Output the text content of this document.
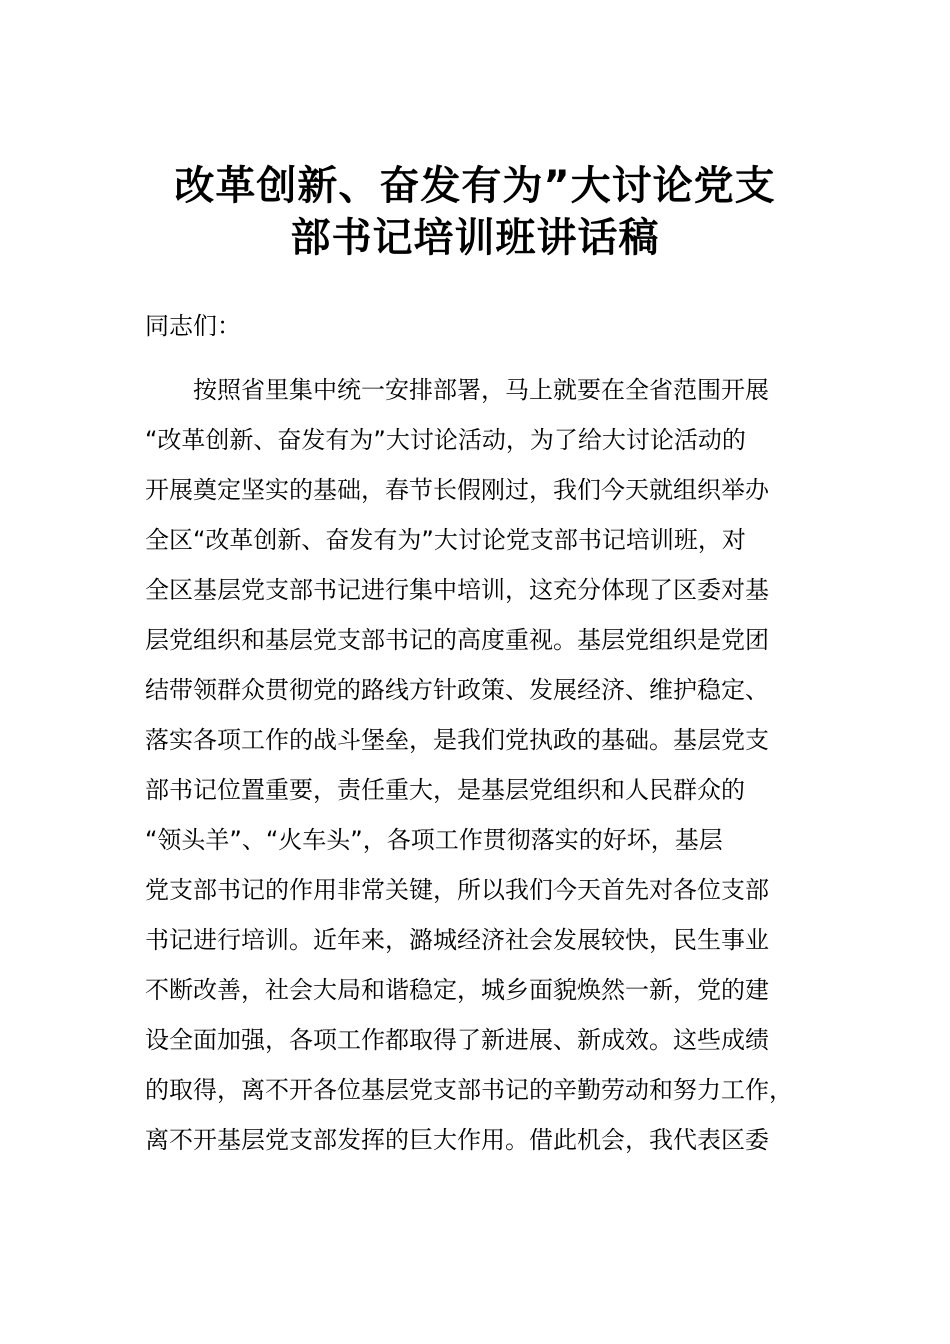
改革创新、奋发有为”大讨论党支
部书记培训班讲话稿
同志们：
　　按照省里集中统一安排部署，马上就要在全省范围开展
“改革创新、奋发有为”大讨论活动，为了给大讨论活动的
开展奠定坚实的基础，春节长假刚过，我们今天就组织举办
全区“改革创新、奋发有为”大讨论党支部书记培训班，对
全区基层党支部书记进行集中培训，这充分体现了区委对基
层党组织和基层党支部书记的高度重视。基层党组织是党团
结带领群众贯彻党的路线方针政策、发展经济、维护稳定、
落实各项工作的战斗堡垒，是我们党执政的基础。基层党支
部书记位置重要，责任重大，是基层党组织和人民群众的
“领头羊”、“火车头”，各项工作贯彻落实的好坏，基层
党支部书记的作用非常关键，所以我们今天首先对各位支部
书记进行培训。近年来，潞城经济社会发展较快，民生事业
不断改善，社会大局和谐稳定，城乡面貌焕然一新，党的建
设全面加强，各项工作都取得了新进展、新成效。这些成绩
的取得，离不开各位基层党支部书记的辛勤劳动和努力工作，
离不开基层党支部发挥的巨大作用。借此机会，我代表区委
